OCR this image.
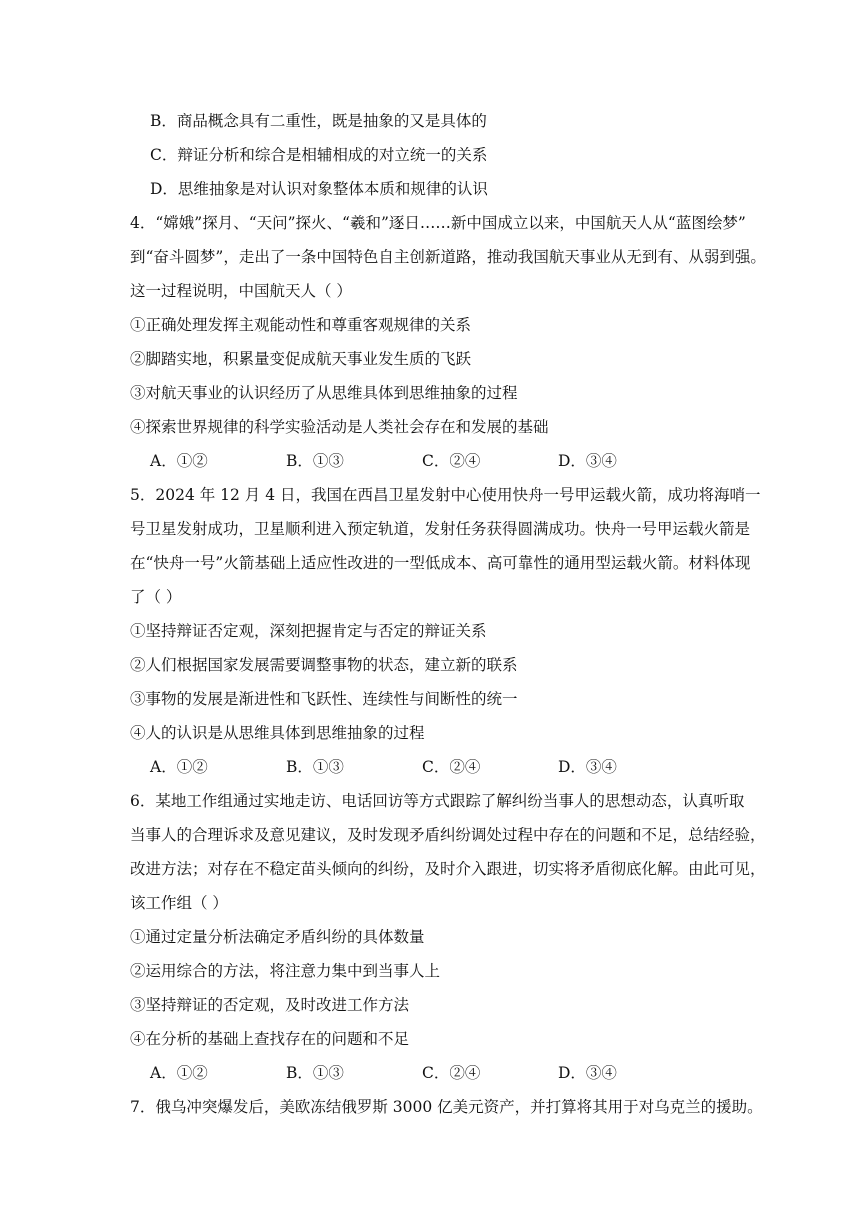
B．商品概念具有二重性，既是抽象的又是具体的
C．辩证分析和综合是相辅相成的对立统一的关系
D．思维抽象是对认识对象整体本质和规律的认识
4．“嫦娥”探月、“天问”探火、“羲和”逐日……新中国成立以来，中国航天人从“蓝图绘梦”
到“奋斗圆梦”，走出了一条中国特色自主创新道路，推动我国航天事业从无到有、从弱到强。
这一过程说明，中国航天人（ ）
①正确处理发挥主观能动性和尊重客观规律的关系
②脚踏实地，积累量变促成航天事业发生质的飞跃
③对航天事业的认识经历了从思维具体到思维抽象的过程
④探索世界规律的科学实验活动是人类社会存在和发展的基础
A．①②	B．①③	C．②④	D．③④
5．2024 年 12 月 4 日，我国在西昌卫星发射中心使用快舟一号甲运载火箭，成功将海哨一
号卫星发射成功，卫星顺利进入预定轨道，发射任务获得圆满成功。快舟一号甲运载火箭是
在“快舟一号”火箭基础上适应性改进的一型低成本、高可靠性的通用型运载火箭。材料体现
了（ ）
①坚持辩证否定观，深刻把握肯定与否定的辩证关系
②人们根据国家发展需要调整事物的状态，建立新的联系
③事物的发展是渐进性和飞跃性、连续性与间断性的统一
④人的认识是从思维具体到思维抽象的过程
A．①②	B．①③	C．②④	D．③④
6．某地工作组通过实地走访、电话回访等方式跟踪了解纠纷当事人的思想动态，认真听取
当事人的合理诉求及意见建议，及时发现矛盾纠纷调处过程中存在的问题和不足，总结经验，
改进方法；对存在不稳定苗头倾向的纠纷，及时介入跟进，切实将矛盾彻底化解。由此可见，
该工作组（ ）
①通过定量分析法确定矛盾纠纷的具体数量
②运用综合的方法，将注意力集中到当事人上
③坚持辩证的否定观，及时改进工作方法
④在分析的基础上查找存在的问题和不足
A．①②	B．①③	C．②④	D．③④
7．俄乌冲突爆发后，美欧冻结俄罗斯 3000 亿美元资产，并打算将其用于对乌克兰的援助。
